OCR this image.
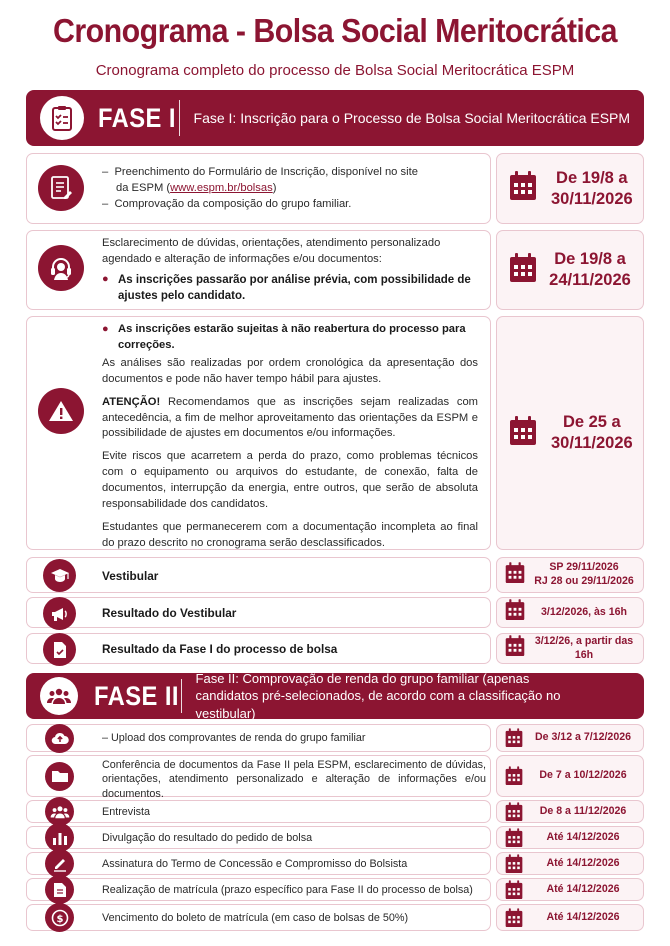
Cronograma - Bolsa Social Meritocrática
Cronograma completo do processo de Bolsa Social Meritocrática ESPM
FASE I Fase I: Inscrição para o Processo de Bolsa Social Meritocrática ESPM
–  Preenchimento do Formulário de Inscrição, disponível no site
da ESPM (www.espm.br/bolsas)
–  Comprovação da composição do grupo familiar.
De 19/8 a 30/11/2026
Esclarecimento de dúvidas, orientações, atendimento personalizado agendado e alteração de informações e/ou documentos:
● As inscrições passarão por análise prévia, com possibilidade de ajustes pelo candidato.
De 19/8 a 24/11/2026
● As inscrições estarão sujeitas à não reabertura do processo para correções.

As análises são realizadas por ordem cronológica da apresentação dos documentos e pode não haver tempo hábil para ajustes.

ATENÇÃO! Recomendamos que as inscrições sejam realizadas com antecedência, a fim de melhor aproveitamento das orientações da ESPM e possibilidade de ajustes em documentos e/ou informações.

Evite riscos que acarretem a perda do prazo, como problemas técnicos com o equipamento ou arquivos do estudante, de conexão, falta de documentos, interrupção da energia, entre outros, que serão de absoluta responsabilidade dos candidatos.

Estudantes que permanecerem com a documentação incompleta ao final do prazo descrito no cronograma serão desclassificados.

De 25 a 30/11/2026
Vestibular
SP 29/11/2026
RJ 28 ou 29/11/2026
Resultado do Vestibular	3/12/2026, às 16h
Resultado da Fase I do processo de bolsa
3/12/26, a partir das 16h
FASE II
Fase II: Comprovação de renda do grupo familiar (apenas candidatos pré-selecionados, de acordo com a classificação no vestibular)
– Upload dos comprovantes de renda do grupo familiar	De 3/12 a 7/12/2026
Conferência de documentos da Fase II pela ESPM, esclarecimento de dúvidas, orientações, atendimento personalizado e alteração de informações e/ou documentos.
De 7 a 10/12/2026
Entrevista	De 8 a 11/12/2026
Divulgação do resultado do pedido de bolsa	Até 14/12/2026
Assinatura do Termo de Concessão e Compromisso do Bolsista	Até 14/12/2026
Realização de matrícula (prazo específico para Fase II do processo de bolsa)	Até 14/12/2026
$	Vencimento do boleto de matrícula (em caso de bolsas de 50%)	Até 14/12/2026
